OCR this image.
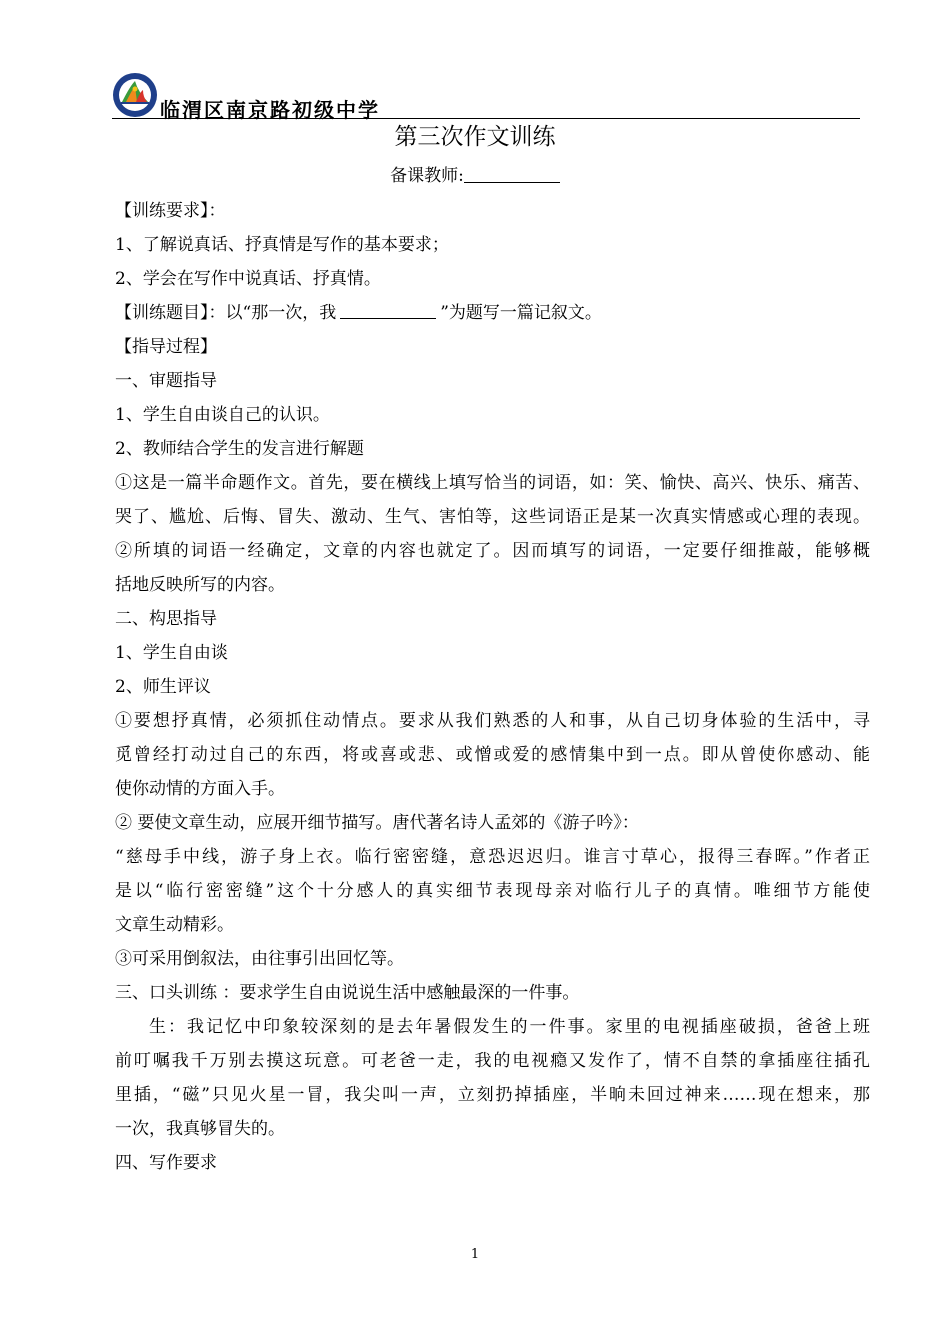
临渭区南京路初级中学
第三次作文训练
备课教师:
【训练要求】：
1、了解说真话、抒真情是写作的基本要求；
2、学会在写作中说真话、抒真情。
【训练题目】：以“那一次，我	”为题写一篇记叙文。
【指导过程】
一、审题指导
1、学生自由谈自己的认识。
2、教师结合学生的发言进行解题
①这是一篇半命题作文。首先，要在横线上填写恰当的词语，如：笑、愉快、高兴、快乐、痛苦、
哭了、尴尬、后悔、冒失、激动、生气、害怕等，这些词语正是某一次真实情感或心理的表现。
②所填的词语一经确定，文章的内容也就定了。因而填写的词语，一定要仔细推敲，能够概
括地反映所写的内容。
二、构思指导
1、学生自由谈
2、师生评议
①要想抒真情，必须抓住动情点。要求从我们熟悉的人和事，从自己切身体验的生活中，寻
觅曾经打动过自己的东西，将或喜或悲、或憎或爱的感情集中到一点。即从曾使你感动、能
使你动情的方面入手。
② 要使文章生动，应展开细节描写。唐代著名诗人孟郊的《游子吟》：
“慈母手中线，游子身上衣。临行密密缝，意恐迟迟归。谁言寸草心，报得三春晖。”作者正
是以“临行密密缝”这个十分感人的真实细节表现母亲对临行儿子的真情。唯细节方能使
文章生动精彩。
③可采用倒叙法，由往事引出回忆等。
三、口头训练 ：要求学生自由说说生活中感触最深的一件事。
生：我记忆中印象较深刻的是去年暑假发生的一件事。家里的电视插座破损，爸爸上班
前叮嘱我千万别去摸这玩意。可老爸一走，我的电视瘾又发作了，情不自禁的拿插座往插孔
里插，“磁”只见火星一冒，我尖叫一声，立刻扔掉插座，半晌未回过神来……现在想来，那
一次，我真够冒失的。
四、写作要求
1
